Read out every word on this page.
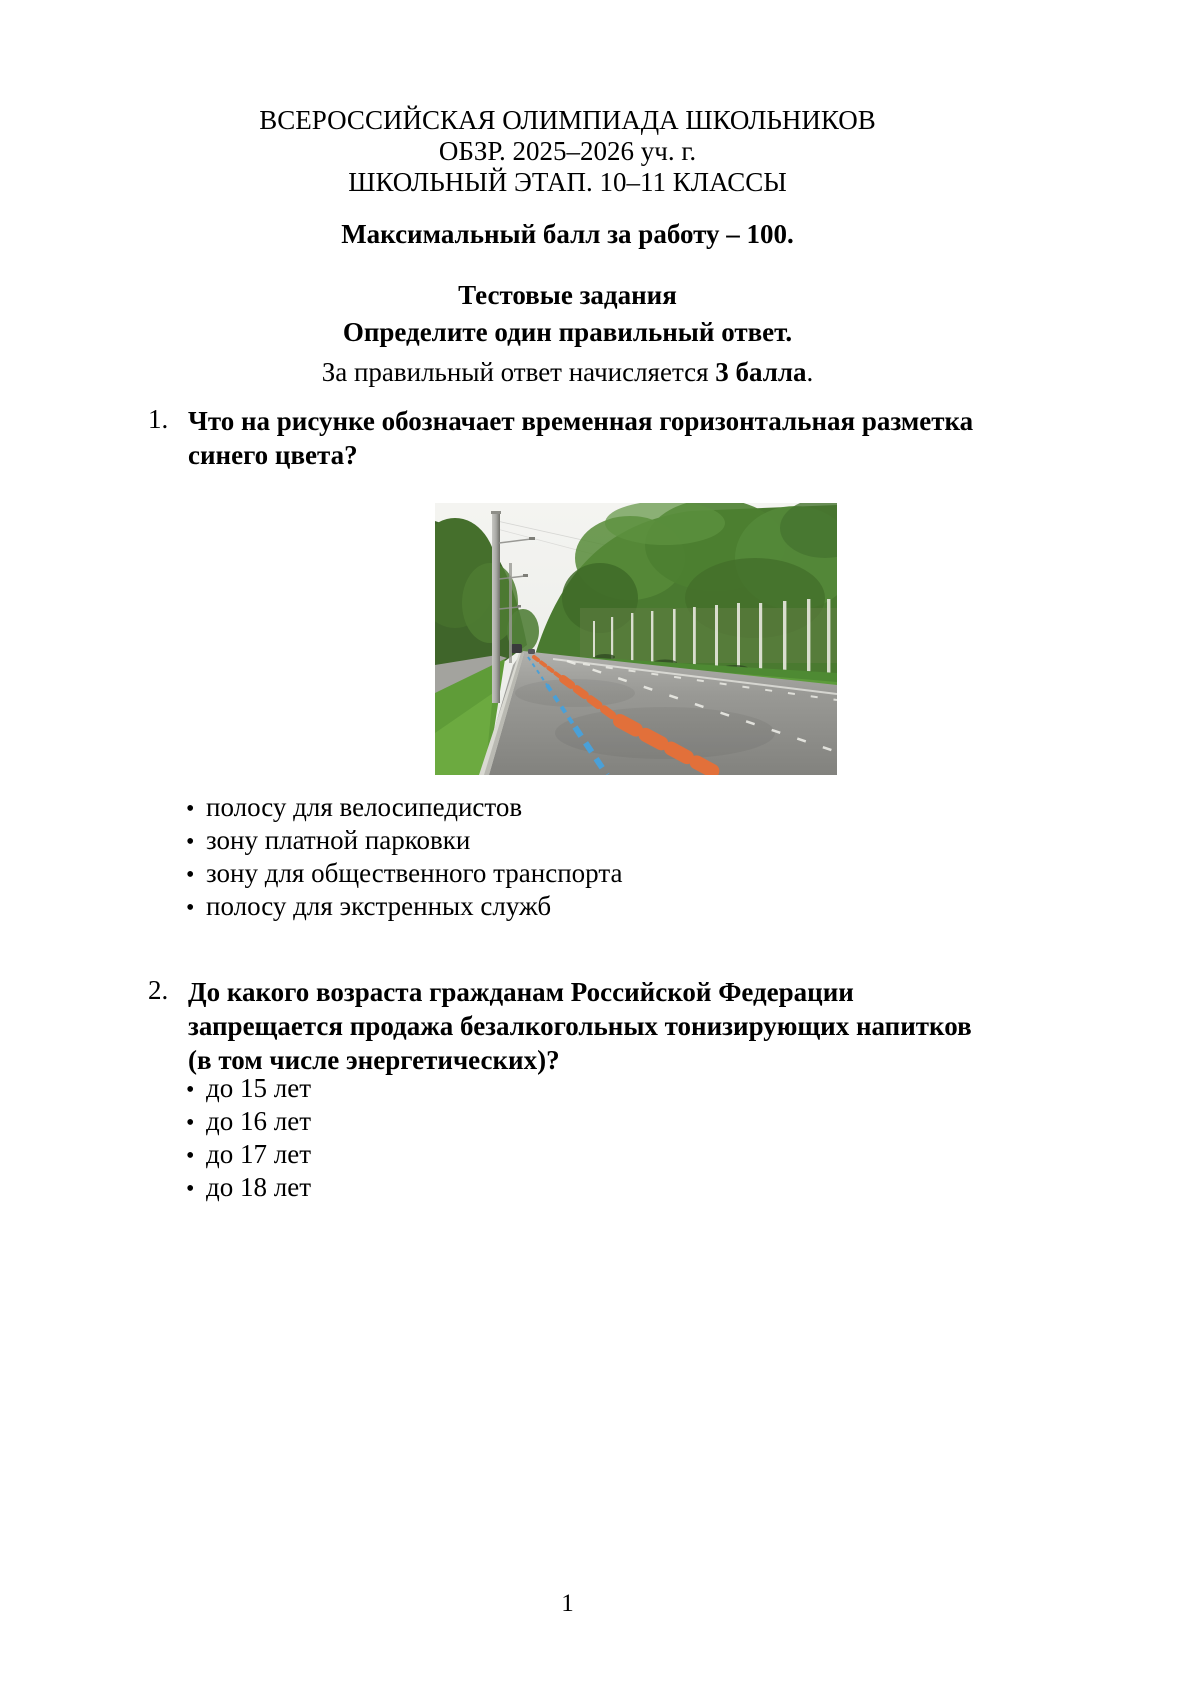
ВСЕРОССИЙСКАЯ ОЛИМПИАДА ШКОЛЬНИКОВ
ОБЗР. 2025–2026 уч. г.
ШКОЛЬНЫЙ ЭТАП. 10–11 КЛАССЫ
Максимальный балл за работу – 100.
Тестовые задания
Определите один правильный ответ.
За правильный ответ начисляется 3 балла.
1. Что на рисунке обозначает временная горизонтальная разметка синего цвета?
• полосу для велосипедистов
• зону платной парковки
• зону для общественного транспорта
• полосу для экстренных служб
2. До какого возраста гражданам Российской Федерации запрещается продажа безалкогольных тонизирующих напитков (в том числе энергетических)?
• до 15 лет
• до 16 лет
• до 17 лет
• до 18 лет
1
